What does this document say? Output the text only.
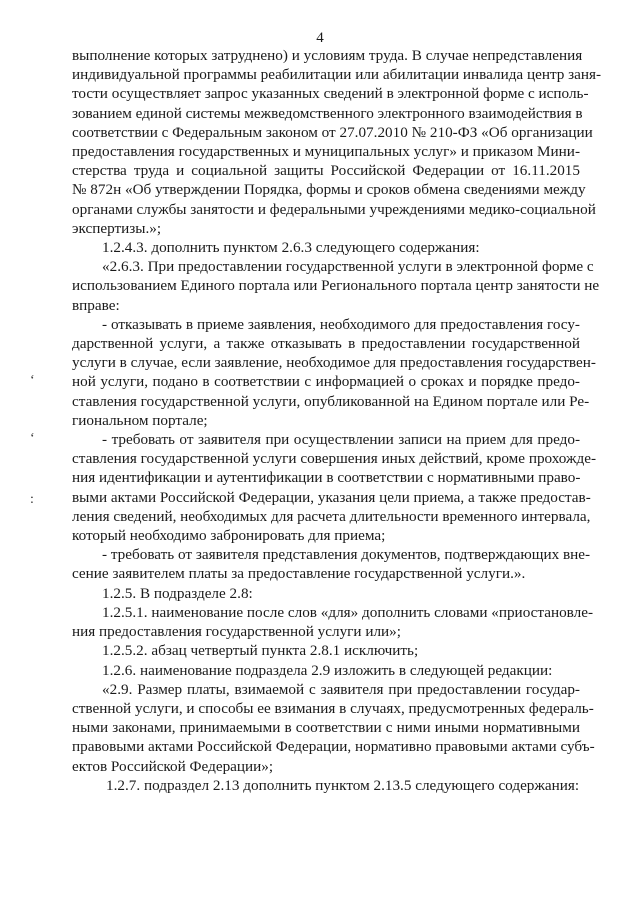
4
‘
‘
:
выполнение которых затруднено) и условиям труда. В случае непредставления
индивидуальной программы реабилитации или абилитации инвалида центр заня-
тости осуществляет запрос указанных сведений в электронной форме с исполь-
зованием единой системы межведомственного электронного взаимодействия в
соответствии с Федеральным законом от 27.07.2010 № 210-ФЗ «Об организации
предоставления государственных и муниципальных услуг» и приказом Мини-
стерства труда и социальной защиты Российской Федерации от 16.11.2015
№ 872н «Об утверждении Порядка, формы и сроков обмена сведениями между
органами службы занятости и федеральными учреждениями медико-социальной
экспертизы.»;
1.2.4.3. дополнить пунктом 2.6.3 следующего содержания:
«2.6.3. При предоставлении государственной услуги в электронной форме с
использованием Единого портала или Регионального портала центр занятости не
вправе:
- отказывать в приеме заявления, необходимого для предоставления госу-
дарственной услуги, а также отказывать в предоставлении государственной
услуги в случае, если заявление, необходимое для предоставления государствен-
ной услуги, подано в соответствии с информацией о сроках и порядке предо-
ставления государственной услуги, опубликованной на Едином портале или Ре-
гиональном портале;
- требовать от заявителя при осуществлении записи на прием для предо-
ставления государственной услуги совершения иных действий, кроме прохожде-
ния идентификации и аутентификации в соответствии с нормативными право-
выми актами Российской Федерации, указания цели приема, а также предостав-
ления сведений, необходимых для расчета длительности временного интервала,
который необходимо забронировать для приема;
- требовать от заявителя представления документов, подтверждающих вне-
сение заявителем платы за предоставление государственной услуги.».
1.2.5. В подразделе 2.8:
1.2.5.1. наименование после слов «для» дополнить словами «приостановле-
ния предоставления государственной услуги или»;
1.2.5.2. абзац четвертый пункта 2.8.1 исключить;
1.2.6. наименование подраздела 2.9 изложить в следующей редакции:
«2.9. Размер платы, взимаемой с заявителя при предоставлении государ-
ственной услуги, и способы ее взимания в случаях, предусмотренных федераль-
ными законами, принимаемыми в соответствии с ними иными нормативными
правовыми актами Российской Федерации, нормативно правовыми актами субъ-
ектов Российской Федерации»;
1.2.7. подраздел 2.13 дополнить пунктом 2.13.5 следующего содержания:
